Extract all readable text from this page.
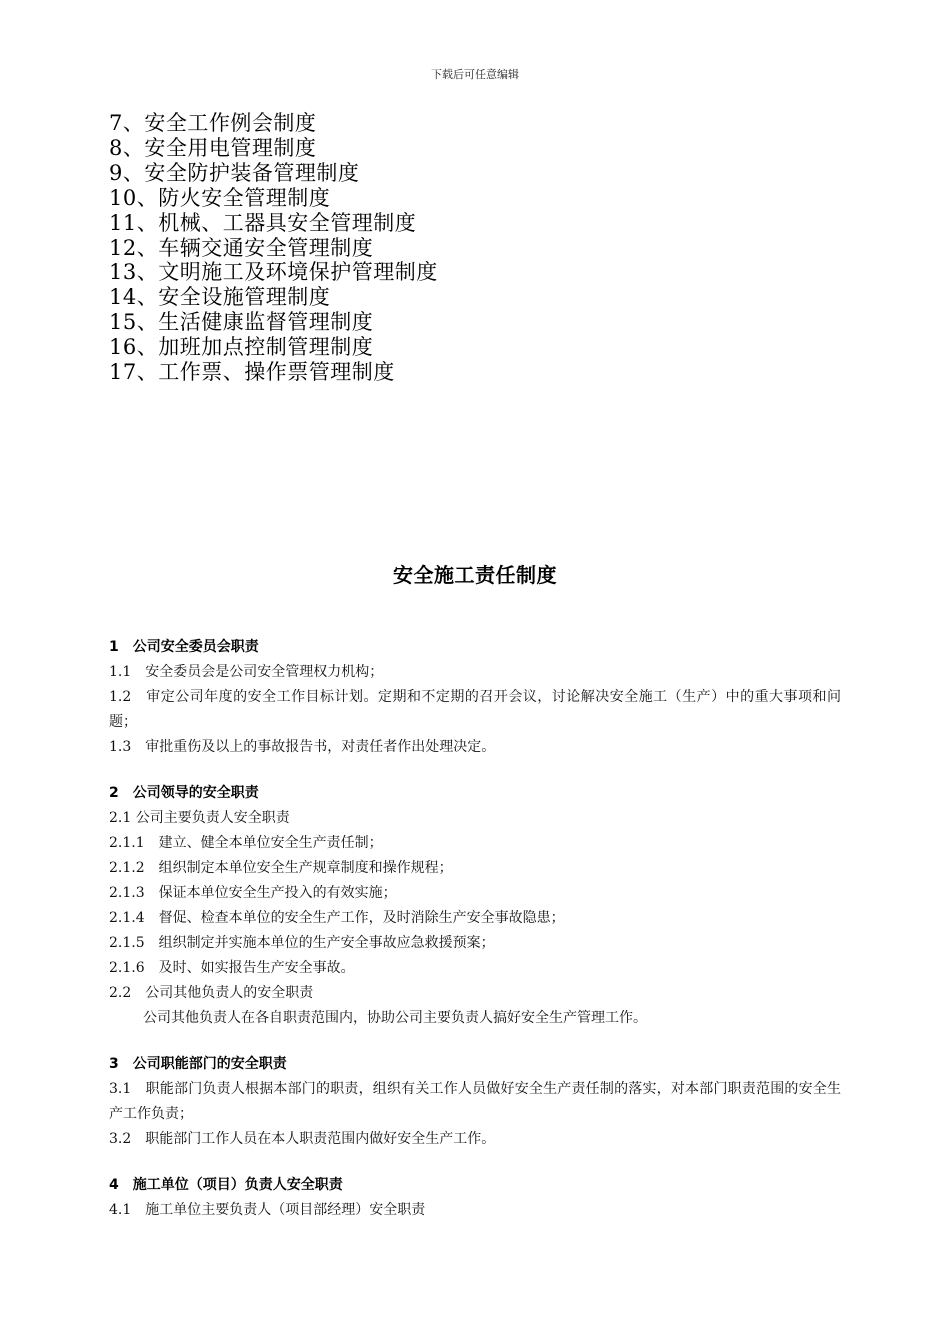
下载后可任意编辑
7、安全工作例会制度
8、安全用电管理制度
9、安全防护装备管理制度
10、防火安全管理制度
11、机械、工器具安全管理制度
12、车辆交通安全管理制度
13、文明施工及环境保护管理制度
14、安全设施管理制度
15、生活健康监督管理制度
16、加班加点控制管理制度
17、工作票、操作票管理制度
安全施工责任制度
1　公司安全委员会职责
1.1　安全委员会是公司安全管理权力机构；
1.2　审定公司年度的安全工作目标计划。定期和不定期的召开会议，讨论解决安全施工（生产）中的重大事项和问题；
1.3　审批重伤及以上的事故报告书，对责任者作出处理决定。
2　公司领导的安全职责
2.1 公司主要负责人安全职责
2.1.1　建立、健全本单位安全生产责任制；
2.1.2　组织制定本单位安全生产规章制度和操作规程；
2.1.3　保证本单位安全生产投入的有效实施；
2.1.4　督促、检查本单位的安全生产工作，及时消除生产安全事故隐患；
2.1.5　组织制定并实施本单位的生产安全事故应急救援预案；
2.1.6　及时、如实报告生产安全事故。
2.2　公司其他负责人的安全职责
公司其他负责人在各自职责范围内，协助公司主要负责人搞好安全生产管理工作。
3　公司职能部门的安全职责
3.1　职能部门负责人根据本部门的职责，组织有关工作人员做好安全生产责任制的落实，对本部门职责范围的安全生产工作负责；
3.2　职能部门工作人员在本人职责范围内做好安全生产工作。
4　施工单位（项目）负责人安全职责
4.1　施工单位主要负责人（项目部经理）安全职责
